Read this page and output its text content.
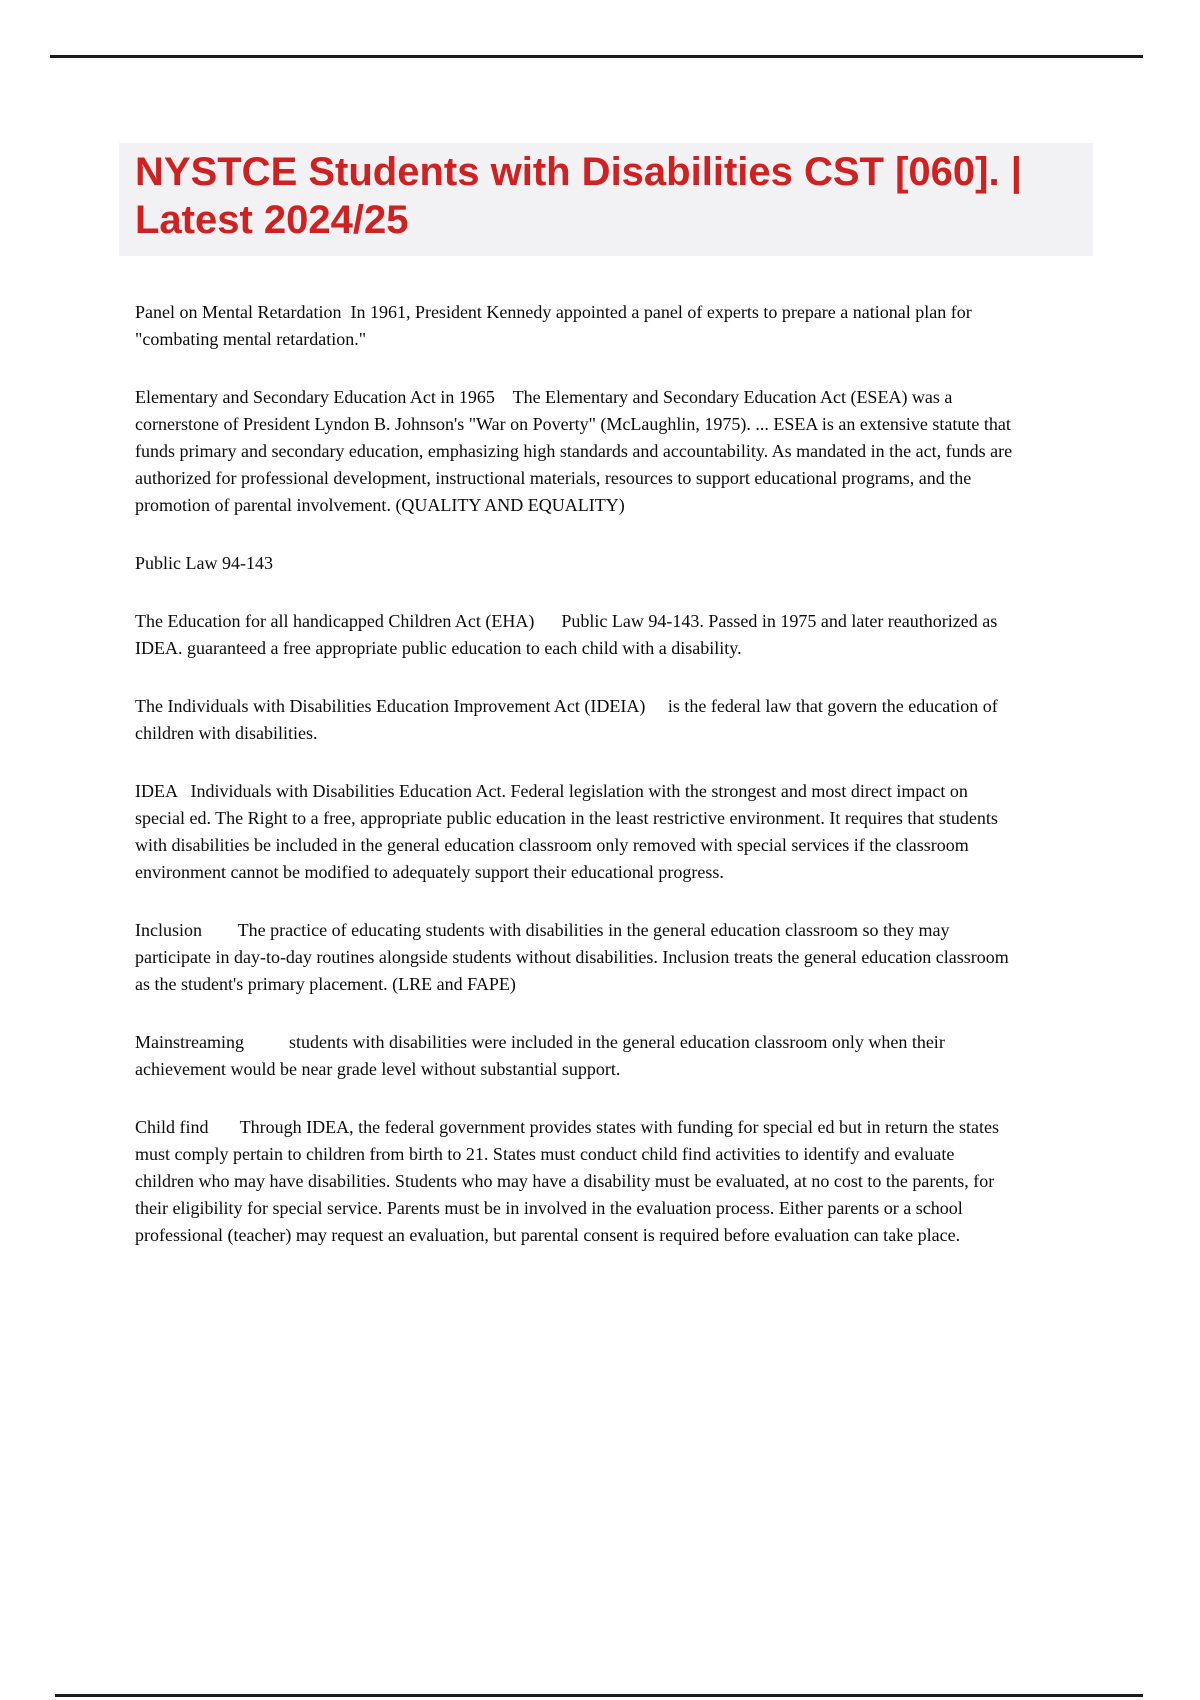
NYSTCE Students with Disabilities CST [060]. | Latest 2024/25

Panel on Mental Retardation  In 1961, President Kennedy appointed a panel of experts to prepare a national plan for "combating mental retardation."

Elementary and Secondary Education Act in 1965    The Elementary and Secondary Education Act (ESEA) was a cornerstone of President Lyndon B. Johnson's "War on Poverty" (McLaughlin, 1975). ... ESEA is an extensive statute that funds primary and secondary education, emphasizing high standards and accountability. As mandated in the act, funds are authorized for professional development, instructional materials, resources to support educational programs, and the promotion of parental involvement. (QUALITY AND EQUALITY)

Public Law 94-143

The Education for all handicapped Children Act (EHA)      Public Law 94-143. Passed in 1975 and later reauthorized as IDEA. guaranteed a free appropriate public education to each child with a disability.

The Individuals with Disabilities Education Improvement Act (IDEIA)     is the federal law that govern the education of children with disabilities.

IDEA   Individuals with Disabilities Education Act. Federal legislation with the strongest and most direct impact on special ed. The Right to a free, appropriate public education in the least restrictive environment. It requires that students with disabilities be included in the general education classroom only removed with special services if the classroom environment cannot be modified to adequately support their educational progress.

Inclusion        The practice of educating students with disabilities in the general education classroom so they may participate in day-to-day routines alongside students without disabilities. Inclusion treats the general education classroom as the student's primary placement. (LRE and FAPE)

Mainstreaming          students with disabilities were included in the general education classroom only when their achievement would be near grade level without substantial support.

Child find       Through IDEA, the federal government provides states with funding for special ed but in return the states must comply pertain to children from birth to 21. States must conduct child find activities to identify and evaluate children who may have disabilities. Students who may have a disability must be evaluated, at no cost to the parents, for their eligibility for special service. Parents must be in involved in the evaluation process. Either parents or a school professional (teacher) may request an evaluation, but parental consent is required before evaluation can take place.
